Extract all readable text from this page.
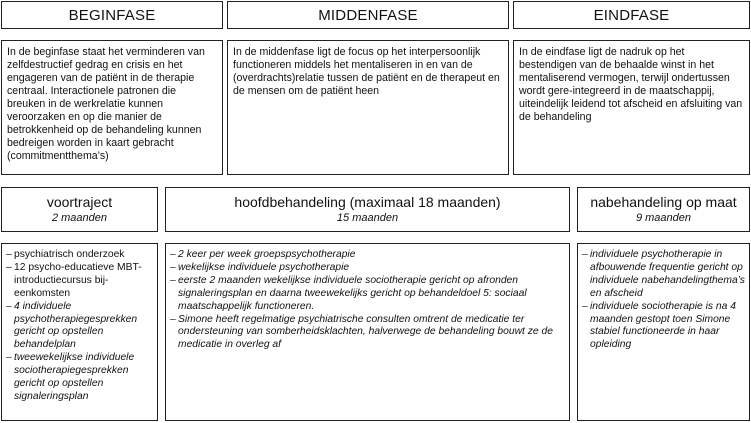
BEGINFASE	MIDDENFASE	EINDFASE
In de beginfase staat het verminderen van zelfdestructief gedrag en crisis en het engageren van de patiënt in de therapie centraal. Interactionele patronen die breuken in de werkrelatie kunnen veroorzaken en op die manier de betrokkenheid op de behandeling kunnen bedreigen worden in kaart gebracht (commitmentthema’s)
In de middenfase ligt de focus op het interpersoonlijk functioneren middels het mentaliseren in en van de (overdrachts)relatie tussen de patiënt en de therapeut en de mensen om de patiënt heen
In de eindfase ligt de nadruk op het bestendigen van de behaalde winst in het mentaliserend vermogen, terwijl ondertussen wordt gere-integreerd in de maatschappij, uiteindelijk leidend tot afscheid en afsluiting van de behandeling
voortraject
2 maanden
hoofdbehandeling (maximaal 18 maanden)
15 maanden
nabehandeling op maat
9 maanden
– psychiatrisch onderzoek
– 12 psycho-educatieve MBT-introductiecursus bij-eenkomsten
– 4 individuele psychotherapiegesprekken gericht op opstellen behandelplan
– tweewekelijkse individuele sociotherapiegesprekken gericht op opstellen signaleringsplan
– 2 keer per week groepspsychotherapie
– wekelijkse individuele psychotherapie
– eerste 2 maanden wekelijkse individuele sociotherapie gericht op afronden signaleringsplan en daarna tweewekelijks gericht op behandeldoel 5: sociaal maatschappelijk functioneren.
– Simone heeft regelmatige psychiatrische consulten omtrent de medicatie ter ondersteuning van somberheidsklachten, halverwege de behandeling bouwt ze de medicatie in overleg af
– individuele psychotherapie in afbouwende frequentie gericht op individuele nabehandelingthema’s en afscheid
– individuele sociotherapie is na 4 maanden gestopt toen Simone stabiel functioneerde in haar opleiding
